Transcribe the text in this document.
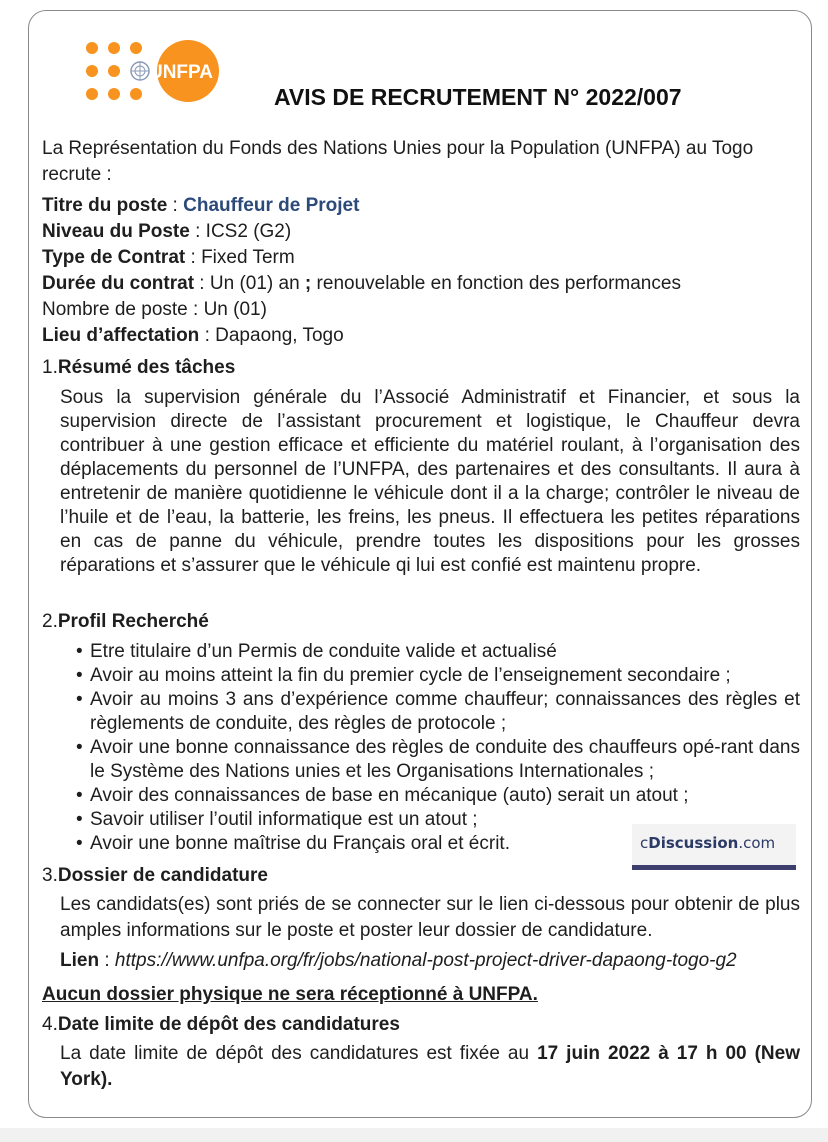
UNFPA
AVIS DE RECRUTEMENT N° 2022/007
La Représentation du Fonds des Nations Unies pour la Population (UNFPA) au Togo recrute :
Titre du poste : Chauffeur de Projet
Niveau du Poste : ICS2 (G2)
Type de Contrat : Fixed Term
Durée du contrat : Un (01) an ; renouvelable en fonction des performances
Nombre de poste : Un (01)
Lieu d’affectation : Dapaong, Togo
1.Résumé des tâches
Sous la supervision générale du l’Associé Administratif et Financier, et sous la supervision directe de l’assistant procurement et logistique, le Chauffeur devra contribuer à une gestion efficace et efficiente du matériel roulant, à l’organisation des déplacements du personnel de l’UNFPA, des partenaires et des consultants. Il aura à entretenir de manière quotidienne le véhicule dont il a la charge; contrôler le niveau de l’huile et de l’eau, la batterie, les freins, les pneus. Il effectuera les petites réparations en cas de panne du véhicule, prendre toutes les dispositions pour les grosses réparations et s’assurer que le véhicule qi lui est confié est maintenu propre.
2.Profil Recherché
• Etre titulaire d’un Permis de conduite valide et actualisé
• Avoir au moins atteint la fin du premier cycle de l’enseignement secondaire ;
• Avoir au moins 3 ans d’expérience comme chauffeur; connaissances des règles et règlements de conduite, des règles de protocole ;
• Avoir une bonne connaissance des règles de conduite des chauffeurs opé-rant dans le Système des Nations unies et les Organisations Internationales ;
• Avoir des connaissances de base en mécanique (auto) serait un atout ;
• Savoir utiliser l’outil informatique est un atout ;
• Avoir une bonne maîtrise du Français oral et écrit.	cDiscussion.com
3.Dossier de candidature
Les candidats(es) sont priés de se connecter sur le lien ci-dessous pour obtenir de plus amples informations sur le poste et poster leur dossier de candidature.
Lien : https://www.unfpa.org/fr/jobs/national-post-project-driver-dapaong-togo-g2
Aucun dossier physique ne sera réceptionné à UNFPA.
4.Date limite de dépôt des candidatures
La date limite de dépôt des candidatures est fixée au 17 juin 2022 à 17 h 00 (New York).
